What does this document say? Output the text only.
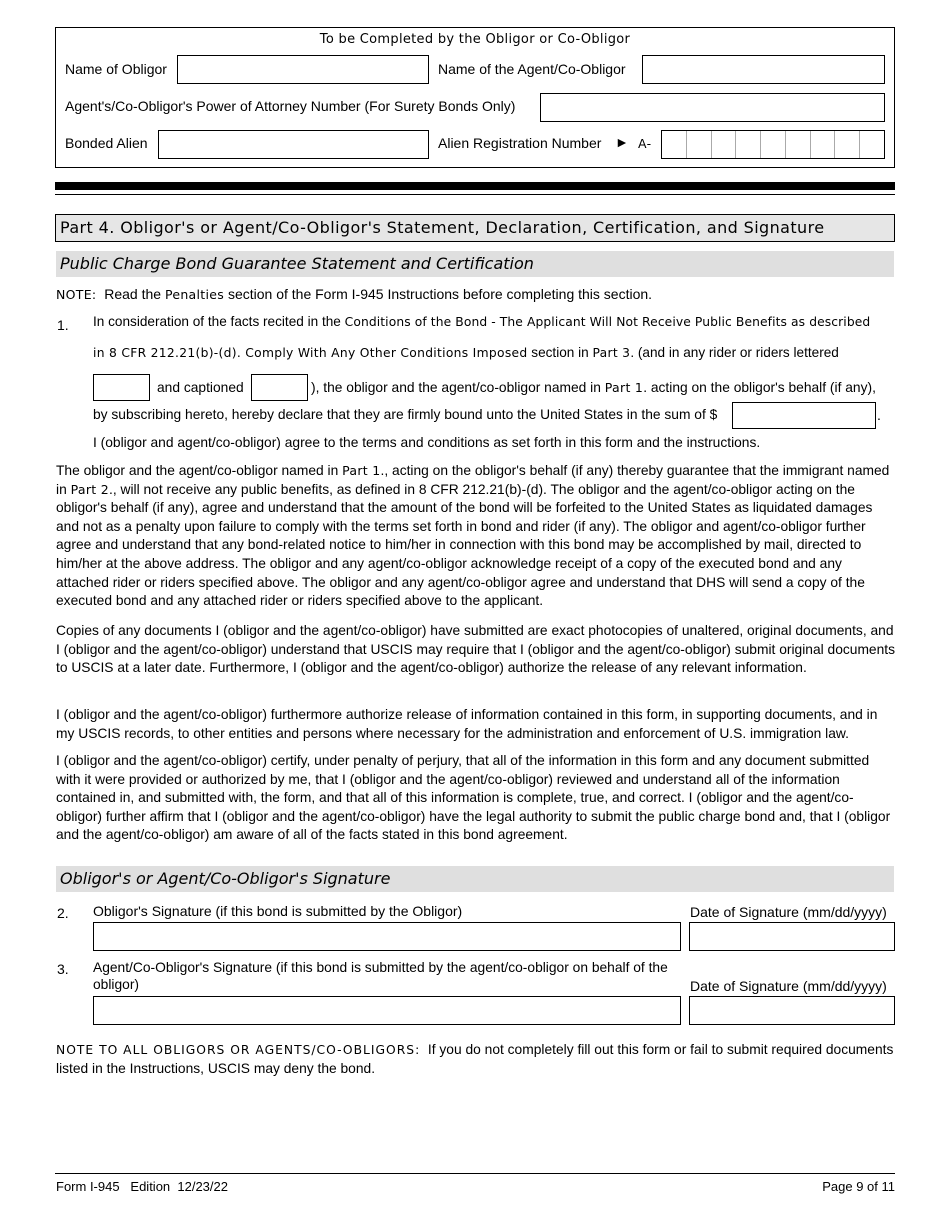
To be Completed by the Obligor or Co-Obligor
Name of Obligor	Name of the Agent/Co-Obligor
Agent's/Co-Obligor's Power of Attorney Number (For Surety Bonds Only)
Bonded Alien	Alien Registration Number ► A-
Part 4. Obligor's or Agent/Co-Obligor's Statement, Declaration, Certification, and Signature
Public Charge Bond Guarantee Statement and Certification
NOTE: Read the Penalties section of the Form I-945 Instructions before completing this section.
1. In consideration of the facts recited in the Conditions of the Bond - The Applicant Will Not Receive Public Benefits as described
in 8 CFR 212.21(b)-(d). Comply With Any Other Conditions Imposed section in Part 3. (and in any rider or riders lettered
and captioned	), the obligor and the agent/co-obligor named in Part 1. acting on the obligor's behalf (if any),
by subscribing hereto, hereby declare that they are firmly bound unto the United States in the sum of $	.
I (obligor and agent/co-obligor) agree to the terms and conditions as set forth in this form and the instructions.

The obligor and the agent/co-obligor named in Part 1., acting on the obligor's behalf (if any) thereby guarantee that the immigrant named in Part 2., will not receive any public benefits, as defined in 8 CFR 212.21(b)-(d). The obligor and the agent/co-obligor acting on the obligor's behalf (if any), agree and understand that the amount of the bond will be forfeited to the United States as liquidated damages and not as a penalty upon failure to comply with the terms set forth in bond and rider (if any). The obligor and agent/co-obligor further agree and understand that any bond-related notice to him/her in connection with this bond may be accomplished by mail, directed to him/her at the above address. The obligor and any agent/co-obligor acknowledge receipt of a copy of the executed bond and any attached rider or riders specified above. The obligor and any agent/co-obligor agree and understand that DHS will send a copy of the executed bond and any attached rider or riders specified above to the applicant.

Copies of any documents I (obligor and the agent/co-obligor) have submitted are exact photocopies of unaltered, original documents, and I (obligor and the agent/co-obligor) understand that USCIS may require that I (obligor and the agent/co-obligor) submit original documents to USCIS at a later date. Furthermore, I (obligor and the agent/co-obligor) authorize the release of any relevant information.

I (obligor and the agent/co-obligor) furthermore authorize release of information contained in this form, in supporting documents, and in my USCIS records, to other entities and persons where necessary for the administration and enforcement of U.S. immigration law.

I (obligor and the agent/co-obligor) certify, under penalty of perjury, that all of the information in this form and any document submitted with it were provided or authorized by me, that I (obligor and the agent/co-obligor) reviewed and understand all of the information contained in, and submitted with, the form, and that all of this information is complete, true, and correct. I (obligor and the agent/co-obligor) further affirm that I (obligor and the agent/co-obligor) have the legal authority to submit the public charge bond and, that I (obligor and the agent/co-obligor) am aware of all of the facts stated in this bond agreement.

Obligor's or Agent/Co-Obligor's Signature
2. Obligor's Signature (if this bond is submitted by the Obligor)	Date of Signature (mm/dd/yyyy)
3. Agent/Co-Obligor's Signature (if this bond is submitted by the agent/co-obligor on behalf of the obligor)	Date of Signature (mm/dd/yyyy)

NOTE TO ALL OBLIGORS OR AGENTS/CO-OBLIGORS: If you do not completely fill out this form or fail to submit required documents listed in the Instructions, USCIS may deny the bond.

Form I-945   Edition  12/23/22	Page 9 of 11
